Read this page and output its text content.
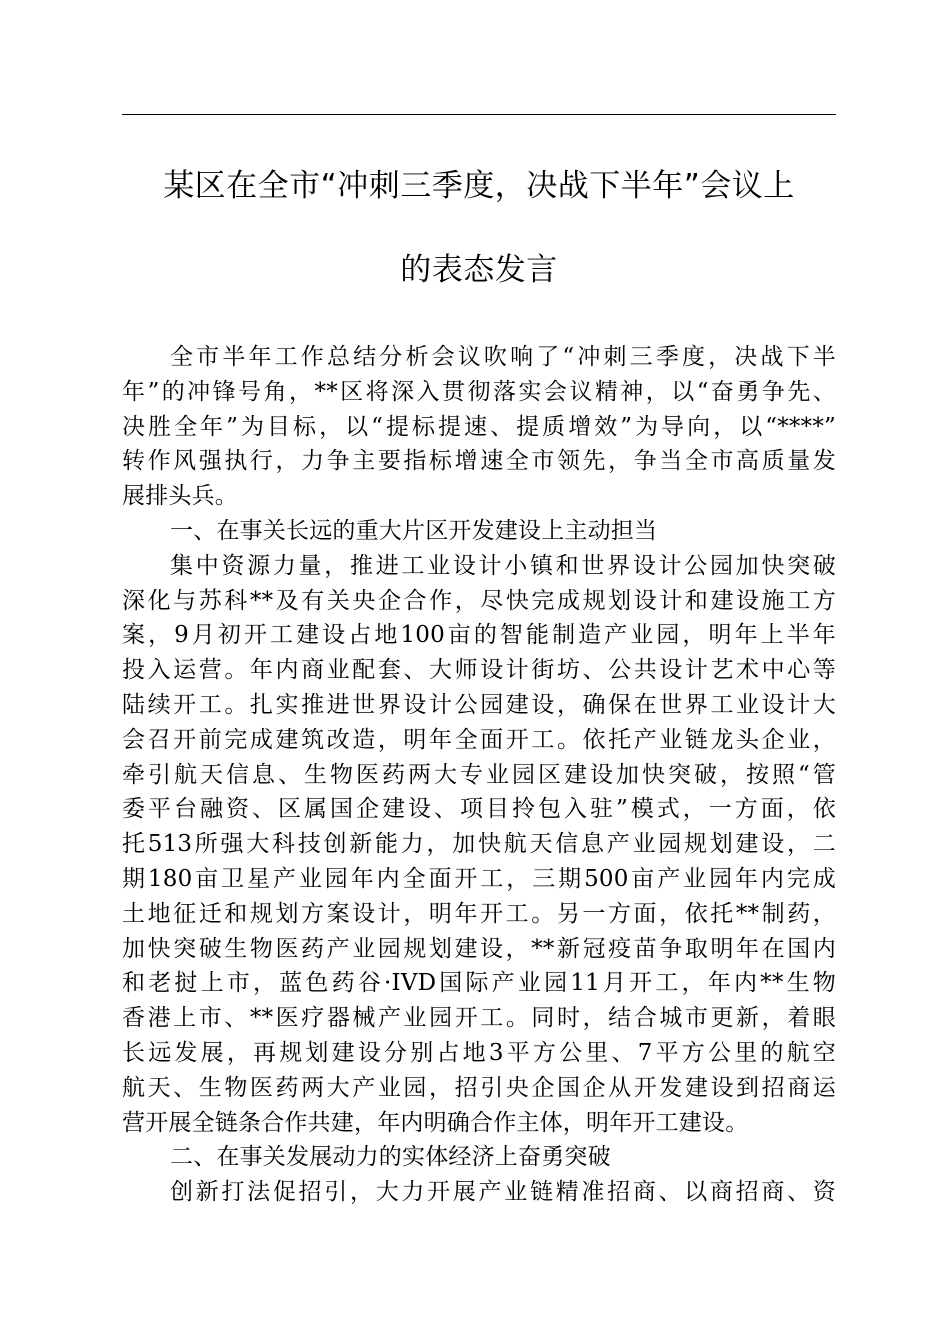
某区在全市“冲刺三季度，决战下半年”会议上
的表态发言
全市半年工作总结分析会议吹响了“冲刺三季度，决战下半
年”的冲锋号角，**区将深入贯彻落实会议精神，以“奋勇争先、
决胜全年”为目标，以“提标提速、提质增效”为导向，以“****”
转作风强执行，力争主要指标增速全市领先，争当全市高质量发
展排头兵。
一、在事关长远的重大片区开发建设上主动担当
集中资源力量，推进工业设计小镇和世界设计公园加快突破
深化与苏科**及有关央企合作，尽快完成规划设计和建设施工方
案，9月初开工建设占地100亩的智能制造产业园，明年上半年
投入运营。年内商业配套、大师设计街坊、公共设计艺术中心等
陆续开工。扎实推进世界设计公园建设，确保在世界工业设计大
会召开前完成建筑改造，明年全面开工。依托产业链龙头企业，
牵引航天信息、生物医药两大专业园区建设加快突破，按照“管
委平台融资、区属国企建设、项目拎包入驻”模式，一方面，依
托513所强大科技创新能力，加快航天信息产业园规划建设，二
期180亩卫星产业园年内全面开工，三期500亩产业园年内完成
土地征迁和规划方案设计，明年开工。另一方面，依托**制药，
加快突破生物医药产业园规划建设，**新冠疫苗争取明年在国内
和老挝上市，蓝色药谷·IVD国际产业园11月开工，年内**生物
香港上市、**医疗器械产业园开工。同时，结合城市更新，着眼
长远发展，再规划建设分别占地3平方公里、7平方公里的航空
航天、生物医药两大产业园，招引央企国企从开发建设到招商运
营开展全链条合作共建，年内明确合作主体，明年开工建设。
二、在事关发展动力的实体经济上奋勇突破
创新打法促招引，大力开展产业链精准招商、以商招商、资
